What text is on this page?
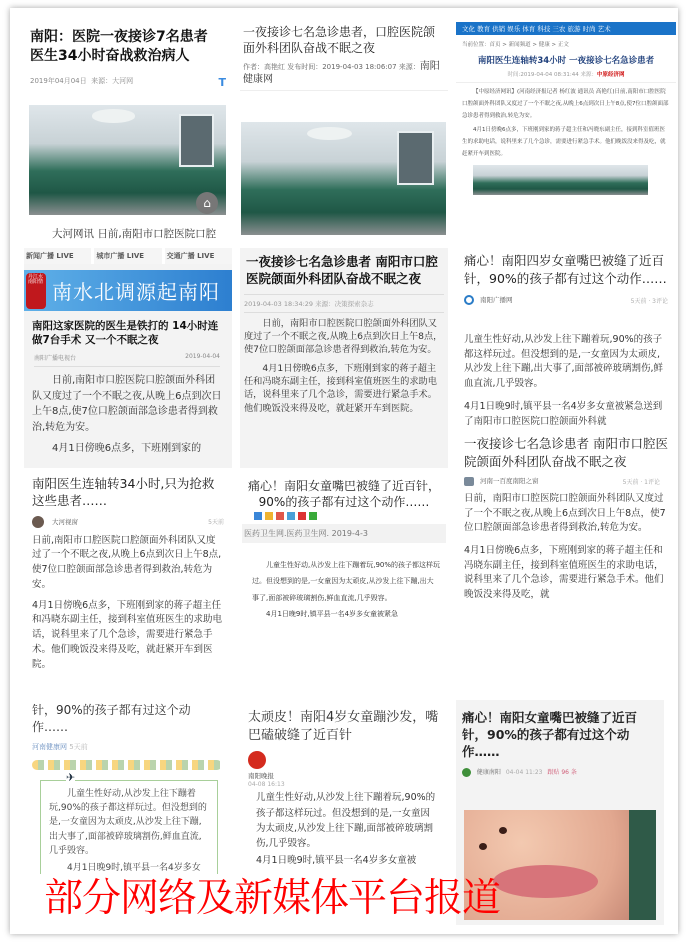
南阳：医院一夜接诊7名患者 医生34小时奋战救治病人
2019年04月04日 来源：大河网	T
⌂
大河网讯 日前,南阳市口腔医院口腔
一夜接诊七名急诊患者，口腔医院颌面外科团队奋战不眠之夜
作者：高艳红 发布时间：2019-04-03 18:06:07 来源：南阳健康网
文化 教育 供销 娱乐 体育 科技 三农 旅游 时尚 艺术
当前位置：首页 > 新闻频道 > 健康 > 正文
南阳医生连轴转34小时 一夜接诊七名急诊患者
时间:2019-04-04 08:31:44 来源：中原经济网
【中原经济网讯】(河南经济报记者 杨红波 通讯员 高艳红)日前,南阳市口腔医院口腔颌面外科团队又度过了一个不眠之夜,从晚上6点到次日上午8点,使7位口腔颌面部急诊患者得到救治,转危为安。
4月1日傍晚6点多，下班刚到家的蒋子超主任和冯晓东副主任，接到科室值班医生的求助电话，说科里来了几个急诊，需要进行紧急手术。他们晚饭没来得及吃，就赶紧开车到医院。
新闻广播 LIVE	城市广播 LIVE	交通广播 LIVE
丹江水 南阳情 南水北调源起南阳
南阳这家医院的医生是铁打的 14小时连做7台手术 又一个不眠之夜
南阳广播电视台	2019-04-04
日前,南阳市口腔医院口腔颌面外科团队又度过了一个不眠之夜,从晚上6点到次日上午8点,使7位口腔颌面部急诊患者得到救治,转危为安。
4月1日傍晚6点多，下班刚到家的
一夜接诊七名急诊患者 南阳市口腔医院颌面外科团队奋战不眠之夜
2019-04-03 18:34:29 来源：决策探索杂志
日前，南阳市口腔医院口腔颌面外科团队又度过了一个不眠之夜,从晚上6点到次日上午8点，使7位口腔颌面部急诊患者得到救治,转危为安。
4月1日傍晚6点多，下班刚到家的蒋子超主任和冯晓东副主任，接到科室值班医生的求助电话，说科里来了几个急诊，需要进行紧急手术。他们晚饭没来得及吃，就赶紧开车到医院。
痛心！南阳四岁女童嘴巴被缝了近百针，90%的孩子都有过这个动作……
南阳广播网	5天前 · 3评论
儿童生性好动,从沙发上往下蹦着玩,90%的孩子都这样玩过。但没想到的是,一女童因为太顽皮,从沙发上往下蹦,出大事了,面部被碎玻璃割伤,鲜血直流,几乎毁容。
4月1日晚9时,镇平县一名4岁多女童被紧急送到了南阳市口腔医院口腔颌面外科就
一夜接诊七名急诊患者 南阳市口腔医院颌面外科团队奋战不眠之夜
河南一百度南阳之窗	5天前 · 1评论
日前，南阳市口腔医院口腔颌面外科团队又度过了一个不眠之夜,从晚上6点到次日上午8点，使7位口腔颌面部急诊患者得到救治,转危为安。
4月1日傍晚6点多，下班刚到家的蒋子超主任和冯晓东副主任，接到科室值班医生的求助电话，说科里来了几个急诊，需要进行紧急手术。他们晚饭没来得及吃，就
南阳医生连轴转34小时,只为抢救这些患者……
大河视窗	5天前
日前,南阳市口腔医院口腔颌面外科团队又度过了一个不眠之夜,从晚上6点到次日上午8点,使7位口腔颌面部急诊患者得到救治,转危为安。
4月1日傍晚6点多，下班刚到家的蒋子超主任和冯晓东副主任，接到科室值班医生的求助电话，说科里来了几个急诊，需要进行紧急手术。他们晚饭没来得及吃，就赶紧开车到医院。
痛心！南阳女童嘴巴被缝了近百针，90%的孩子都有过这个动作……
医药卫生网.医药卫生网. 2019-4-3
儿童生性好动,从沙发上往下蹦着玩,90%的孩子都这样玩过。但没想到的是,一女童因为太顽皮,从沙发上往下蹦,出大事了,面部被碎玻璃割伤,鲜血直流,几乎毁容。
4月1日晚9时,镇平县一名4岁多女童被紧急
针，90%的孩子都有过这个动作……
河南健康网 5天前
✈
儿童生性好动,从沙发上往下蹦着玩,90%的孩子都这样玩过。但没想到的是,一女童因为太顽皮,从沙发上往下蹦,出大事了,面部被碎玻璃割伤,鲜血直流,几乎毁容。
4月1日晚9时,镇平县一名4岁多女
太顽皮！南阳4岁女童蹦沙发，嘴巴磕破缝了近百针
南阳晚报
04-08 16:13
儿童生性好动,从沙发上往下蹦着玩,90%的孩子都这样玩过。但没想到的是,一女童因为太顽皮,从沙发上往下蹦,面部被碎玻璃割伤,几乎毁容。
4月1日晚9时,镇平县一名4岁多女童被
痛心！南阳女童嘴巴被缝了近百针，90%的孩子都有过这个动作……
健康南阳 04-04 11:23 跟贴 96 条
部分网络及新媒体平台报道
